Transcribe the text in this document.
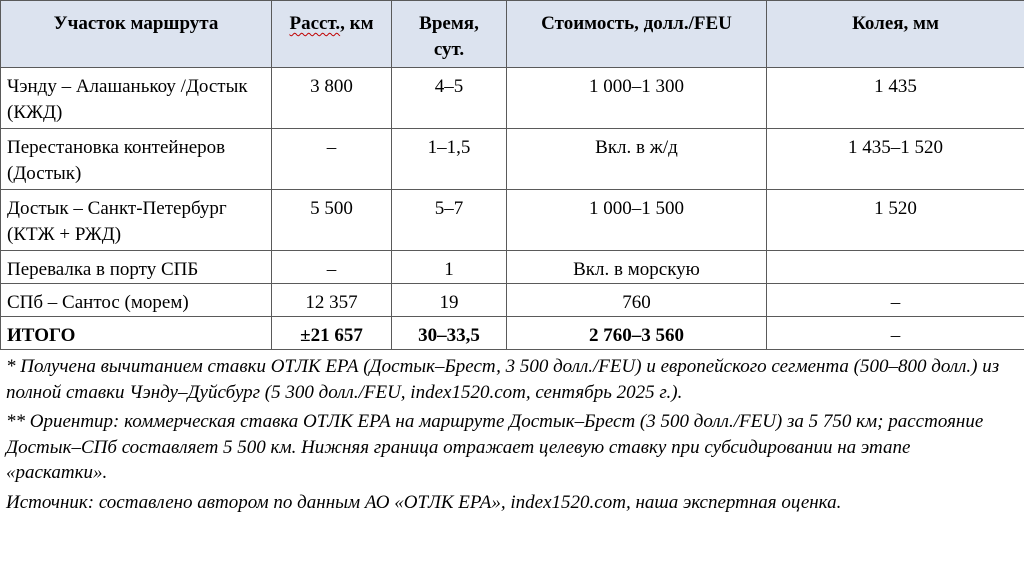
Участок маршрута	Расст., км	Время, сут.	Стоимость, долл./FEU	Колея, мм
Чэнду – Алашанькоу /Достык (КЖД)	3 800	4–5	1 000–1 300	1 435
Перестановка контейнеров (Достык)	–	1–1,5	Вкл. в ж/д	1 435–1 520
Достык – Санкт-Петербург (КТЖ + РЖД)	5 500	5–7	1 000–1 500	1 520
Перевалка в порту СПБ	–	1	Вкл. в морскую	
СПб – Сантос (морем)	12 357	19	760	–
ИТОГО	±21 657	30–33,5	2 760–3 560	–

* Получена вычитанием ставки ОТЛК ЕРА (Достык–Брест, 3 500 долл./FEU) и европейского сегмента (500–800 долл.) из полной ставки Чэнду–Дуйсбург (5 300 долл./FEU, index1520.com, сентябрь 2025 г.).

** Ориентир: коммерческая ставка ОТЛК ЕРА на маршруте Достык–Брест (3 500 долл./FEU) за 5 750 км; расстояние Достык–СПб составляет 5 500 км. Нижняя граница отражает целевую ставку при субсидировании на этапе «раскатки».

Источник: составлено автором по данным АО «ОТЛК ЕРА», index1520.com, наша экспертная оценка.
